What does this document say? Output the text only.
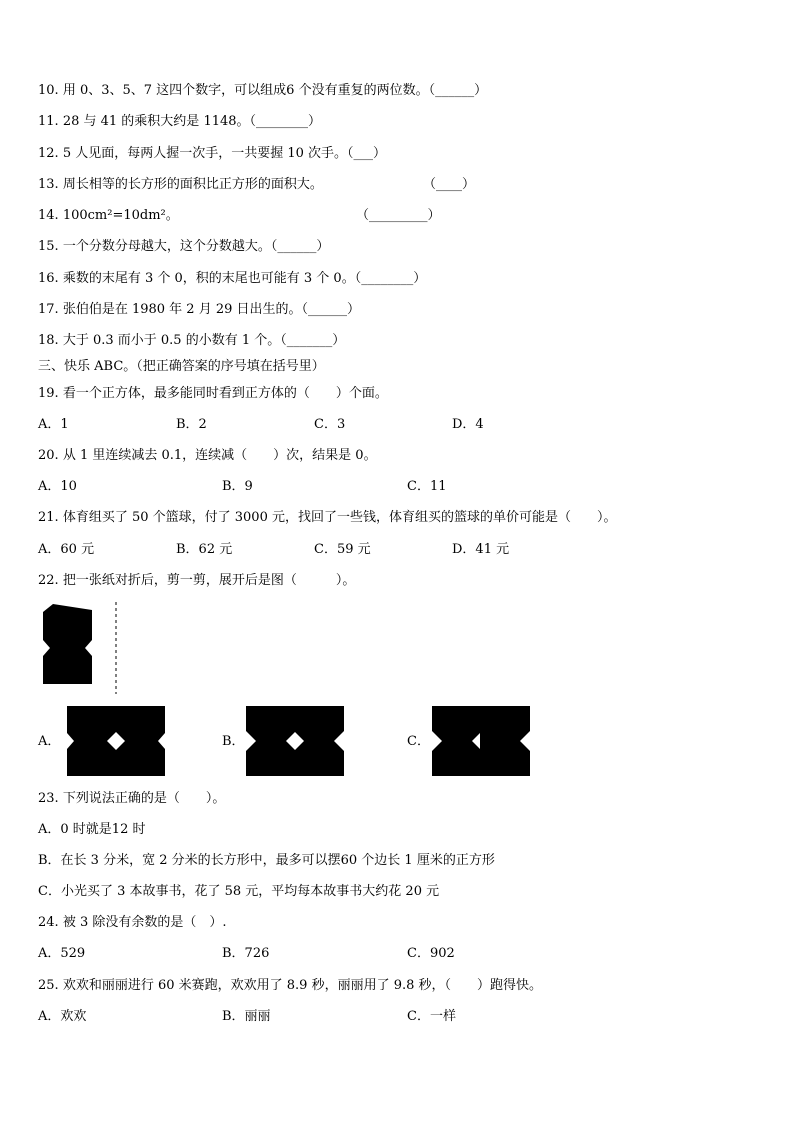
10. 用 0、3、5、7 这四个数字，可以组成6 个没有重复的两位数。（______）
11. 28 与 41 的乘积大约是 1148。（________）
12. 5 人见面，每两人握一次手，一共要握 10 次手。（___）
13. 周长相等的长方形的面积比正方形的面积大。	（____）
14. 100cm²=10dm²。	（_________）
15. 一个分数分母越大，这个分数越大。（______）
16. 乘数的末尾有 3 个 0，积的末尾也可能有 3 个 0。（________）
17. 张伯伯是在 1980 年 2 月 29 日出生的。（______）
18. 大于 0.3 而小于 0.5 的小数有 1 个。（_______）
三、快乐 ABC。（把正确答案的序号填在括号里）
19. 看一个正方体，最多能同时看到正方体的（　　）个面。
A．1	B．2	C．3	D．4
20. 从 1 里连续减去 0.1，连续减（　　）次，结果是 0。
A．10	B．9	C．11
21. 体育组买了 50 个篮球，付了 3000 元，找回了一些钱，体育组买的篮球的单价可能是（　　）。
A．60 元	B．62 元	C．59 元	D．41 元
22. 把一张纸对折后，剪一剪，展开后是图（　　　）。
A．	B．	C．
23. 下列说法正确的是（　　）。
A．0 时就是12 时
B．在长 3 分米，宽 2 分米的长方形中，最多可以摆60 个边长 1 厘米的正方形
C．小光买了 3 本故事书，花了 58 元，平均每本故事书大约花 20 元
24. 被 3 除没有余数的是（　）.
A．529	B．726	C．902
25. 欢欢和丽丽进行 60 米赛跑，欢欢用了 8.9 秒，丽丽用了 9.8 秒，（　　）跑得快。
A．欢欢	B．丽丽	C．一样
